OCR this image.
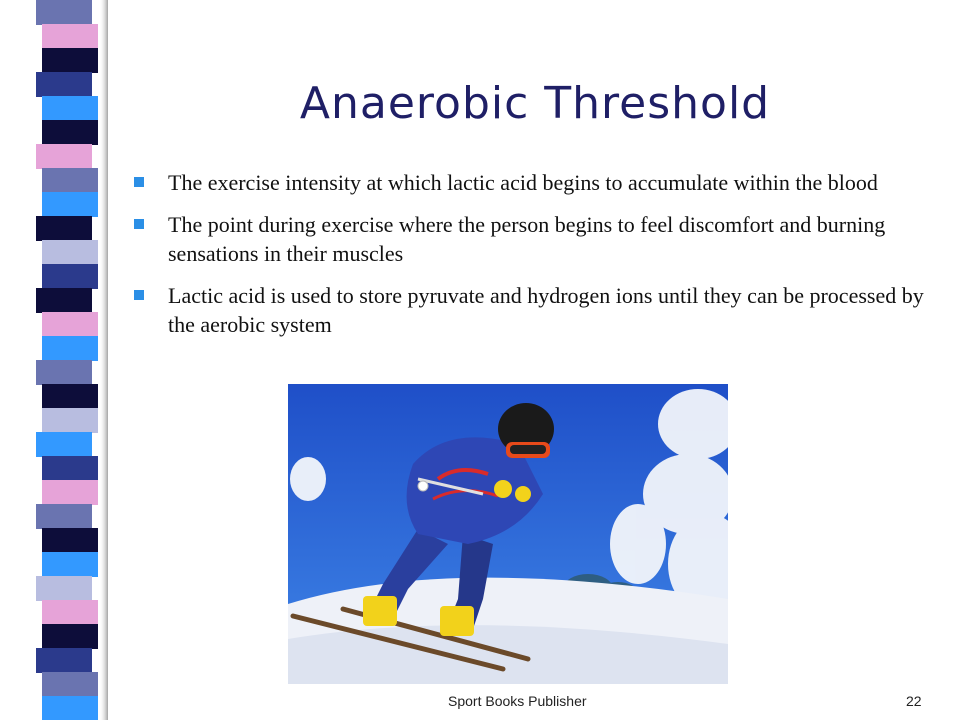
Anaerobic Threshold
The exercise intensity at which lactic acid begins to accumulate within the blood
The point during exercise where the person begins to feel discomfort and burning sensations in their muscles
Lactic acid is used to store pyruvate and hydrogen ions until they can be processed by the aerobic system
Sport Books Publisher	22
